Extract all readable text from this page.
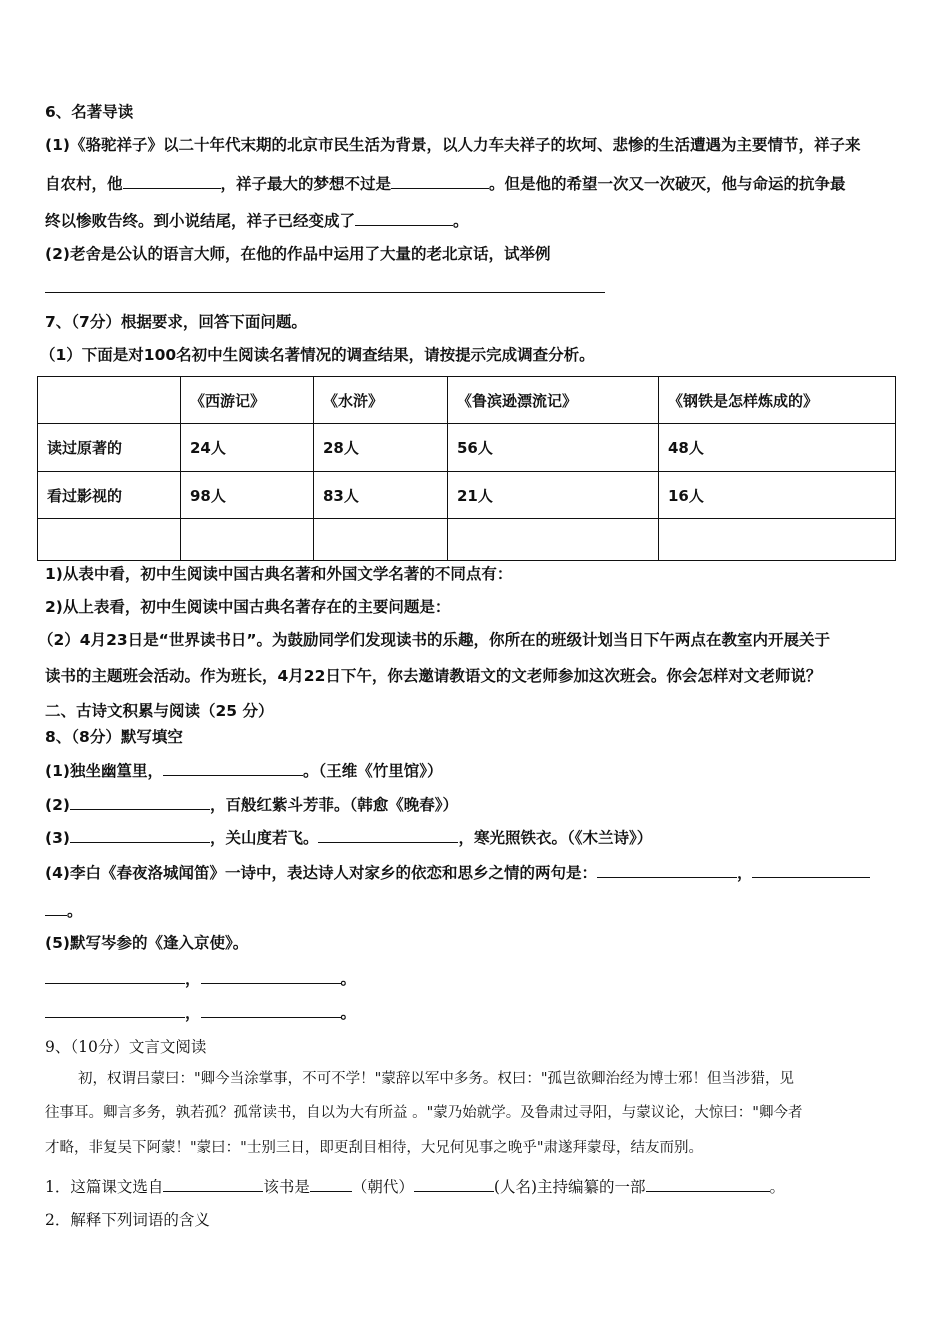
6、名著导读
(1)《骆驼祥子》以二十年代末期的北京市民生活为背景，以人力车夫祥子的坎坷、悲惨的生活遭遇为主要情节，祥子来
自农村，他	，祥子最大的梦想不过是	。但是他的希望一次又一次破灭，他与命运的抗争最
终以惨败告终。到小说结尾，祥子已经变成了	。
(2)老舍是公认的语言大师，在他的作品中运用了大量的老北京话，试举例
7、（7分）根据要求，回答下面问题。
（1）下面是对100名初中生阅读名著情况的调查结果，请按提示完成调查分析。
	《西游记》	《水浒》	《鲁滨逊漂流记》	《钢铁是怎样炼成的》
读过原著的	24人	28人	56人	48人
看过影视的	98人	83人	21人	16人

1)从表中看，初中生阅读中国古典名著和外国文学名著的不同点有：
2)从上表看，初中生阅读中国古典名著存在的主要问题是：
（2）4月23日是“世界读书日”。为鼓励同学们发现读书的乐趣，你所在的班级计划当日下午两点在教室内开展关于
读书的主题班会活动。作为班长，4月22日下午，你去邀请教语文的文老师参加这次班会。你会怎样对文老师说？
二、古诗文积累与阅读（25 分）
8、（8分）默写填空
(1)独坐幽篁里，	。（王维《竹里馆》）
(2)	，百般红紫斗芳菲。（韩愈《晚春》）
(3)	，关山度若飞。	，寒光照铁衣。（《木兰诗》）
(4)李白《春夜洛城闻笛》一诗中，表达诗人对家乡的依恋和思乡之情的两句是：	，
。
(5)默写岑参的《逢入京使》。
，	。
，	。
9、（10分）文言文阅读
初，权谓吕蒙曰："卿今当涂掌事，不可不学！"蒙辞以军中多务。权曰："孤岂欲卿治经为博士邪！但当涉猎，见
往事耳。卿言多务，孰若孤？孤常读书，自以为大有所益 。"蒙乃始就学。及鲁肃过寻阳，与蒙议论，大惊曰："卿今者
才略，非复吴下阿蒙！"蒙曰："士别三日，即更刮目相待，大兄何见事之晚乎"肃遂拜蒙母，结友而别。
1．这篇课文选自	该书是	（朝代）	(人名)主持编纂的一部	。
2．解释下列词语的含义
